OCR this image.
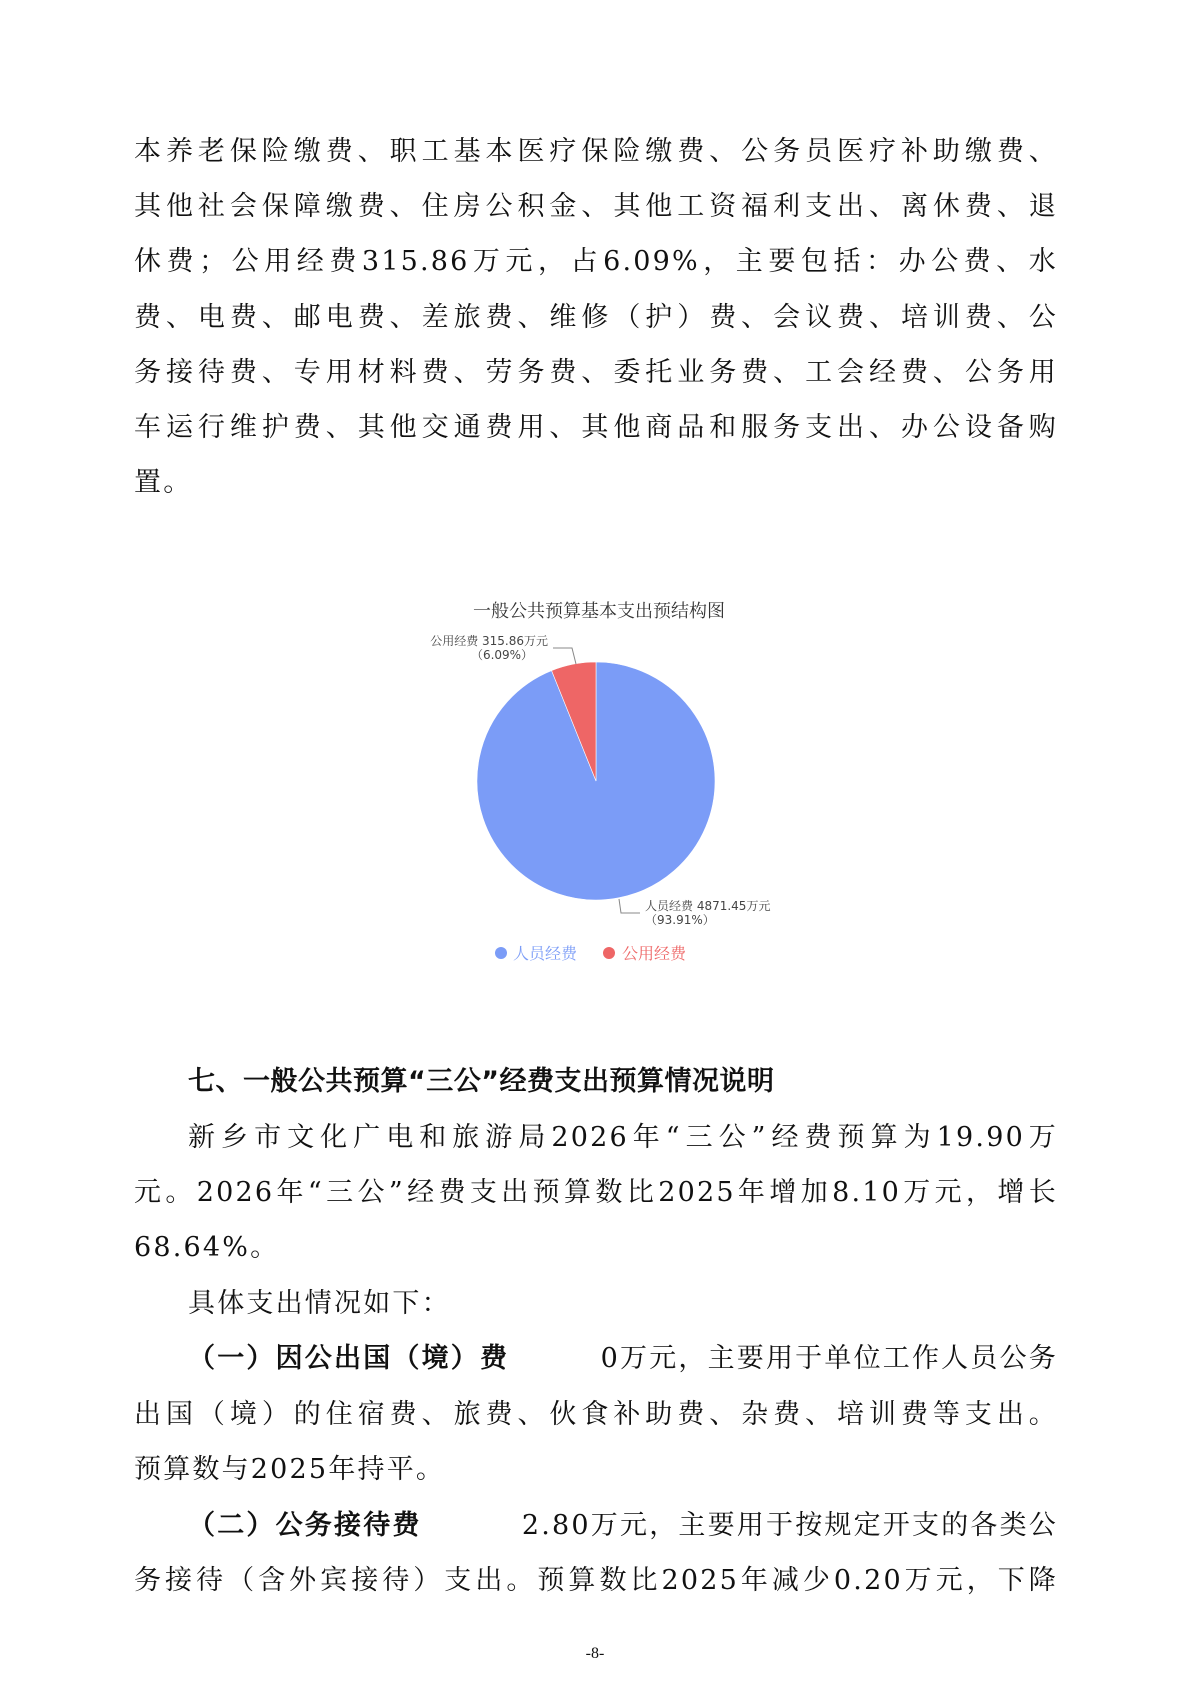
本养老保险缴费、职工基本医疗保险缴费、公务员医疗补助缴费、
其他社会保障缴费、住房公积金、其他工资福利支出、离休费、退
休费；公用经费315.86万元，占6.09%，主要包括：办公费、水
费、电费、邮电费、差旅费、维修（护）费、会议费、培训费、公
务接待费、专用材料费、劳务费、委托业务费、工会经费、公务用
车运行维护费、其他交通费用、其他商品和服务支出、办公设备购
置。
一般公共预算基本支出预结构图
公用经费 315.86万元
（6.09%）
人员经费 4871.45万元
（93.91%）
人员经费	公用经费
七、一般公共预算“三公”经费支出预算情况说明
新乡市文化广电和旅游局2026年“三公”经费预算为19.90万
元。2026年“三公”经费支出预算数比2025年增加8.10万元，增长
68.64%。
具体支出情况如下：
（一）因公出国（境）费	0万元，主要用于单位工作人员公务
出国（境）的住宿费、旅费、伙食补助费、杂费、培训费等支出。
预算数与2025年持平。
（二）公务接待费	2.80万元，主要用于按规定开支的各类公
务接待（含外宾接待）支出。预算数比2025年减少0.20万元，下降
-8-
